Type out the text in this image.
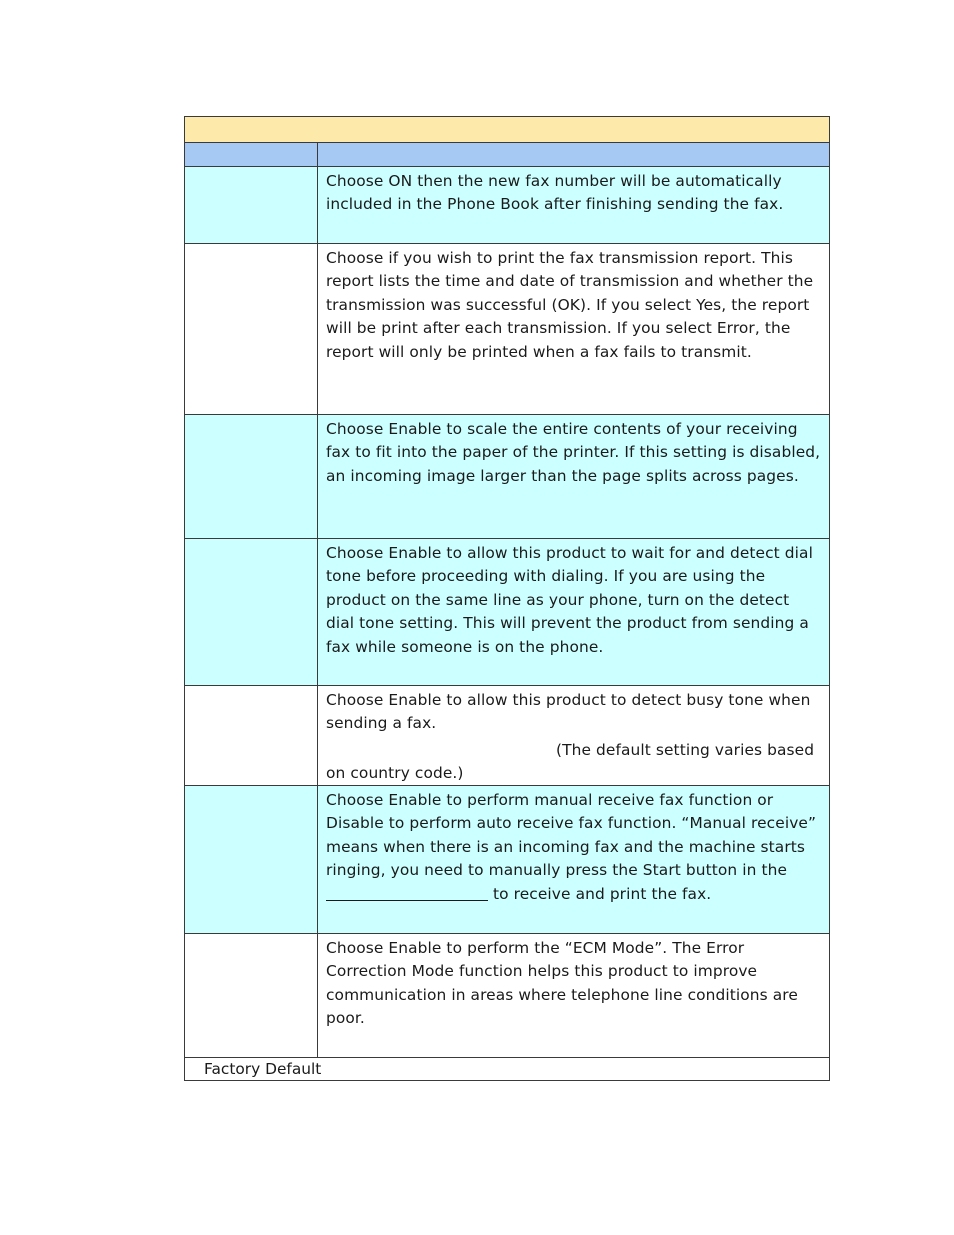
Choose ON then the new fax number will be automatically included in the Phone Book after finishing sending the fax.

Choose if you wish to print the fax transmission report. This report lists the time and date of transmission and whether the transmission was successful (OK). If you select Yes, the report will be print after each transmission. If you select Error, the report will only be printed when a fax fails to transmit.

Choose Enable to scale the entire contents of your receiving fax to fit into the paper of the printer. If this setting is disabled, an incoming image larger than the page splits across pages.

Choose Enable to allow this product to wait for and detect dial tone before proceeding with dialing. If you are using the product on the same line as your phone, turn on the detect dial tone setting. This will prevent the product from sending a fax while someone is on the phone.

Choose Enable to allow this product to detect busy tone when sending a fax.

(The default setting varies based on country code.)

Choose Enable to perform manual receive fax function or Disable to perform auto receive fax function. “Manual receive” means when there is an incoming fax and the machine starts ringing, you need to manually press the Start button in the  to receive and print the fax.

Choose Enable to perform the “ECM Mode”. The Error Correction Mode function helps this product to improve communication in areas where telephone line conditions are poor.

Factory Default
